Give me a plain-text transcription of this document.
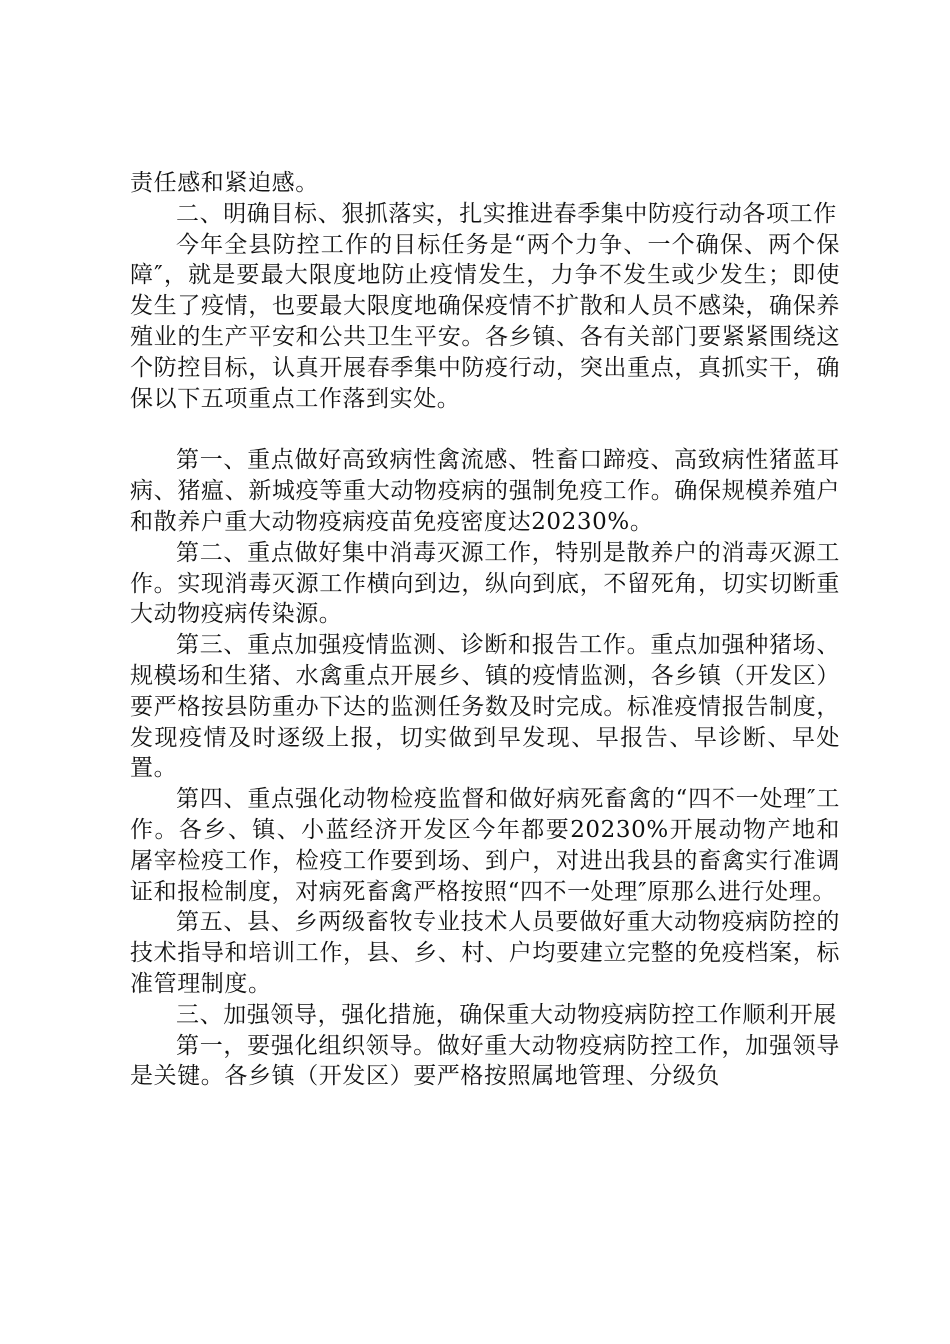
责任感和紧迫感。

二、明确目标、狠抓落实，扎实推进春季集中防疫行动各项工作

今年全县防控工作的目标任务是“两个力争、一个确保、两个保障″，就是要最大限度地防止疫情发生，力争不发生或少发生；即使发生了疫情，也要最大限度地确保疫情不扩散和人员不感染，确保养殖业的生产平安和公共卫生平安。各乡镇、各有关部门要紧紧围绕这个防控目标，认真开展春季集中防疫行动，突出重点，真抓实干，确保以下五项重点工作落到实处。

第一、重点做好高致病性禽流感、牲畜口蹄疫、高致病性猪蓝耳病、猪瘟、新城疫等重大动物疫病的强制免疫工作。确保规模养殖户和散养户重大动物疫病疫苗免疫密度达20230%。

第二、重点做好集中消毒灭源工作，特别是散养户的消毒灭源工作。实现消毒灭源工作横向到边，纵向到底，不留死角，切实切断重大动物疫病传染源。

第三、重点加强疫情监测、诊断和报告工作。重点加强种猪场、规模场和生猪、水禽重点开展乡、镇的疫情监测，各乡镇（开发区）要严格按县防重办下达的监测任务数及时完成。标准疫情报告制度，发现疫情及时逐级上报，切实做到早发现、早报告、早诊断、早处置。

第四、重点强化动物检疫监督和做好病死畜禽的“四不一处理″工作。各乡、镇、小蓝经济开发区今年都要20230%开展动物产地和屠宰检疫工作，检疫工作要到场、到户，对进出我县的畜禽实行准调证和报检制度，对病死畜禽严格按照“四不一处理″原那么进行处理。

第五、县、乡两级畜牧专业技术人员要做好重大动物疫病防控的技术指导和培训工作，县、乡、村、户均要建立完整的免疫档案，标准管理制度。

三、加强领导，强化措施，确保重大动物疫病防控工作顺利开展

第一，要强化组织领导。做好重大动物疫病防控工作，加强领导是关键。各乡镇（开发区）要严格按照属地管理、分级负
